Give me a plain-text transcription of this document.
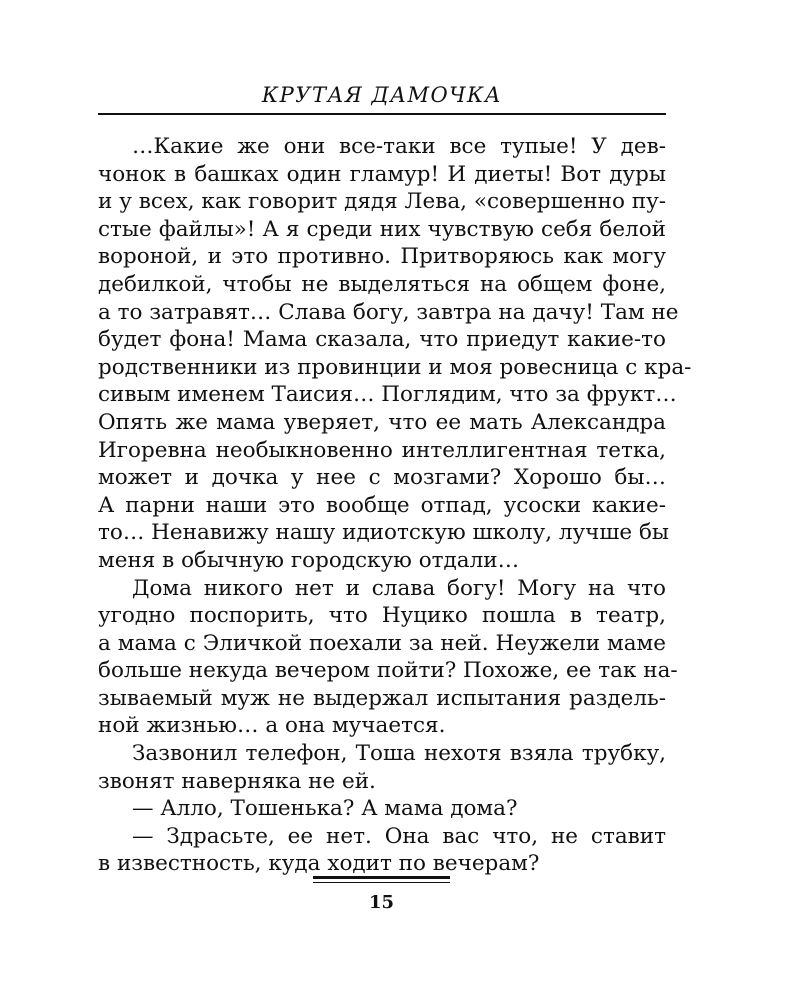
КРУТАЯ ДАМОЧКА
…Какие же они все-таки все тупые! У дев-
чонок в башках один гламур! И диеты! Вот дуры
и у всех, как говорит дядя Лева, «совершенно пу-
стые файлы»! А я среди них чувствую себя белой
вороной, и это противно. Притворяюсь как могу
дебилкой, чтобы не выделяться на общем фоне,
а то затравят… Слава богу, завтра на дачу! Там не
будет фона! Мама сказала, что приедут какие-то
родственники из провинции и моя ровесница с кра-
сивым именем Таисия… Поглядим, что за фрукт…
Опять же мама уверяет, что ее мать Александра
Игоревна необыкновенно интеллигентная тетка,
может и дочка у нее с мозгами? Хорошо бы…
А парни наши это вообще отпад, усоски какие-
то… Ненавижу нашу идиотскую школу, лучше бы
меня в обычную городскую отдали…
Дома никого нет и слава богу! Могу на что
угодно поспорить, что Нуцико пошла в театр,
а мама с Эличкой поехали за ней. Неужели маме
больше некуда вечером пойти? Похоже, ее так на-
зываемый муж не выдержал испытания раздель-
ной жизнью… а она мучается.
Зазвонил телефон, Тоша нехотя взяла трубку,
звонят наверняка не ей.
— Алло, Тошенька? А мама дома?
— Здрасьте, ее нет. Она вас что, не ставит
в известность, куда ходит по вечерам?
15
